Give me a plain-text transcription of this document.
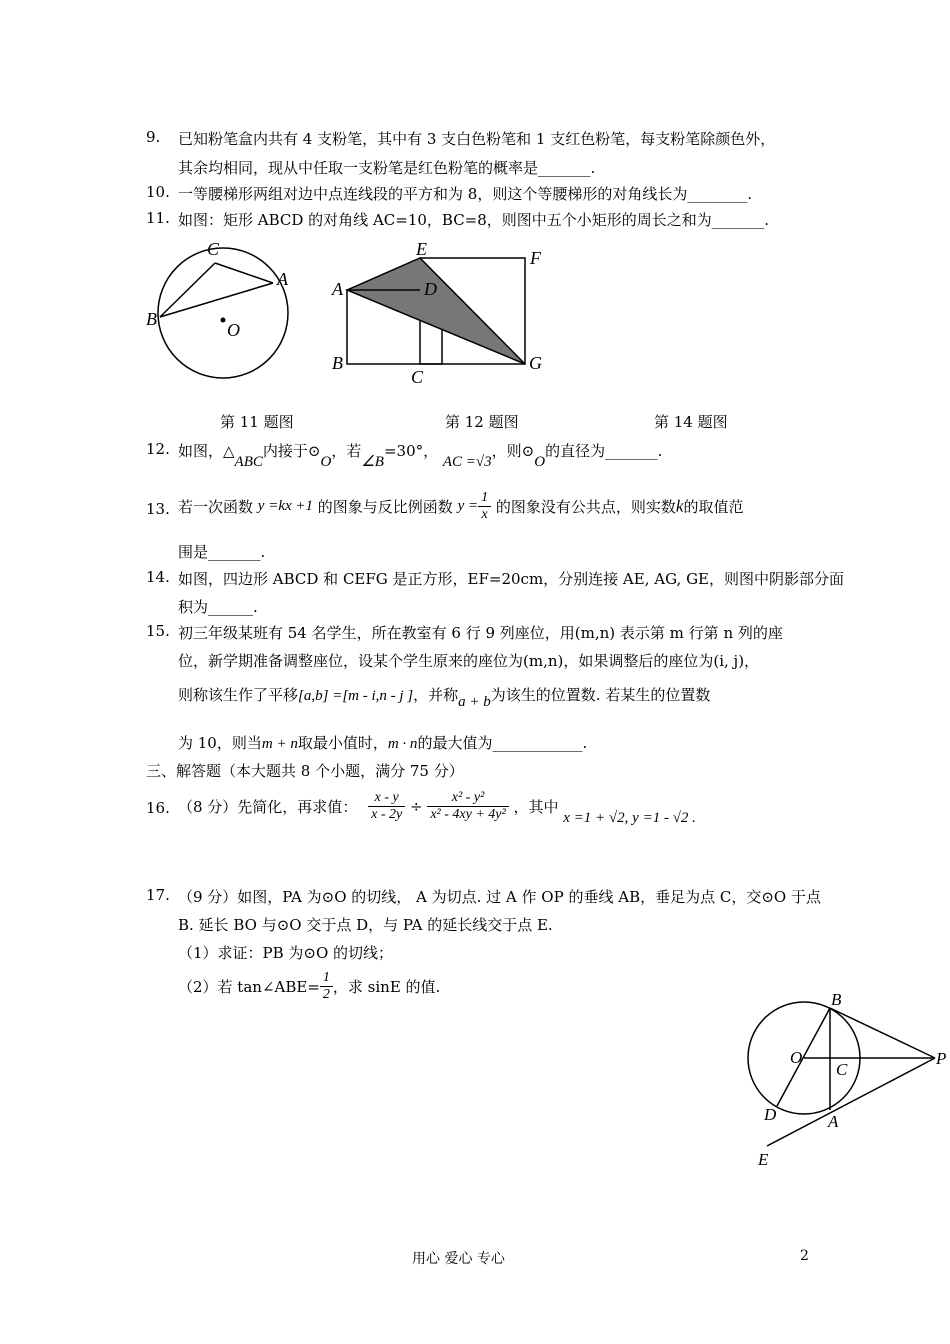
9. 已知粉笔盒内共有 4 支粉笔，其中有 3 支白色粉笔和 1 支红色粉笔，每支粉笔除颜色外，
其余均相同，现从中任取一支粉笔是红色粉笔的概率是_______.
10. 一等腰梯形两组对边中点连线段的平方和为 8，则这个等腰梯形的对角线长为________.
11. 如图：矩形 ABCD 的对角线 AC=10，BC=8，则图中五个小矩形的周长之和为_______.
C
A
B
O
E	F
A	D
B
C
G
第 11 题图	第 12 题图	第 14 题图
12. 如图，△ABC内接于⊙O，若∠B=30°， AC =√3，则⊙O的直径为_______.
13. 若一次函数 y =kx +1 的图象与反比例函数 $y = \frac{1}{x}$ 的图象没有公共点，则实数k的取值范
围是_______.
14. 如图，四边形 ABCD 和 CEFG 是正方形，EF=20cm，分别连接 AE, AG, GE，则图中阴影部分面
积为______.
15. 初三年级某班有 54 名学生，所在教室有 6 行 9 列座位，用(m,n) 表示第 m 行第 n 列的座
位，新学期准备调整座位，设某个学生原来的座位为(m,n)，如果调整后的座位为(i, j)，
则称该生作了平移[a,b] =[m - i,n - j ]，并称a + b为该生的位置数. 若某生的位置数
为 10，则当m + n取最小值时，m · n的最大值为____________.
三、解答题（本大题共 8 个小题，满分 75 分）
16. （8 分）先简化，再求值： $\frac{x - y}{x - 2y} \div \frac{\text{x² - y²}}{\text{x² - 4xy + 4y²}}$ ，其中 x =1 + √2, y =1 - √2 .
17. （9 分）如图，PA 为⊙O 的切线， A 为切点. 过 A 作 OP 的垂线 AB，垂足为点 C，交⊙O 于点
B. 延长 BO 与⊙O 交于点 D，与 PA 的延长线交于点 E.
（1）求证：PB 为⊙O 的切线；
（2）若 tan∠ABE= $\frac{1}{2}$ ，求 sinE 的值.
B
O
C
P
D	A
E
用心 爱心 专心	2
